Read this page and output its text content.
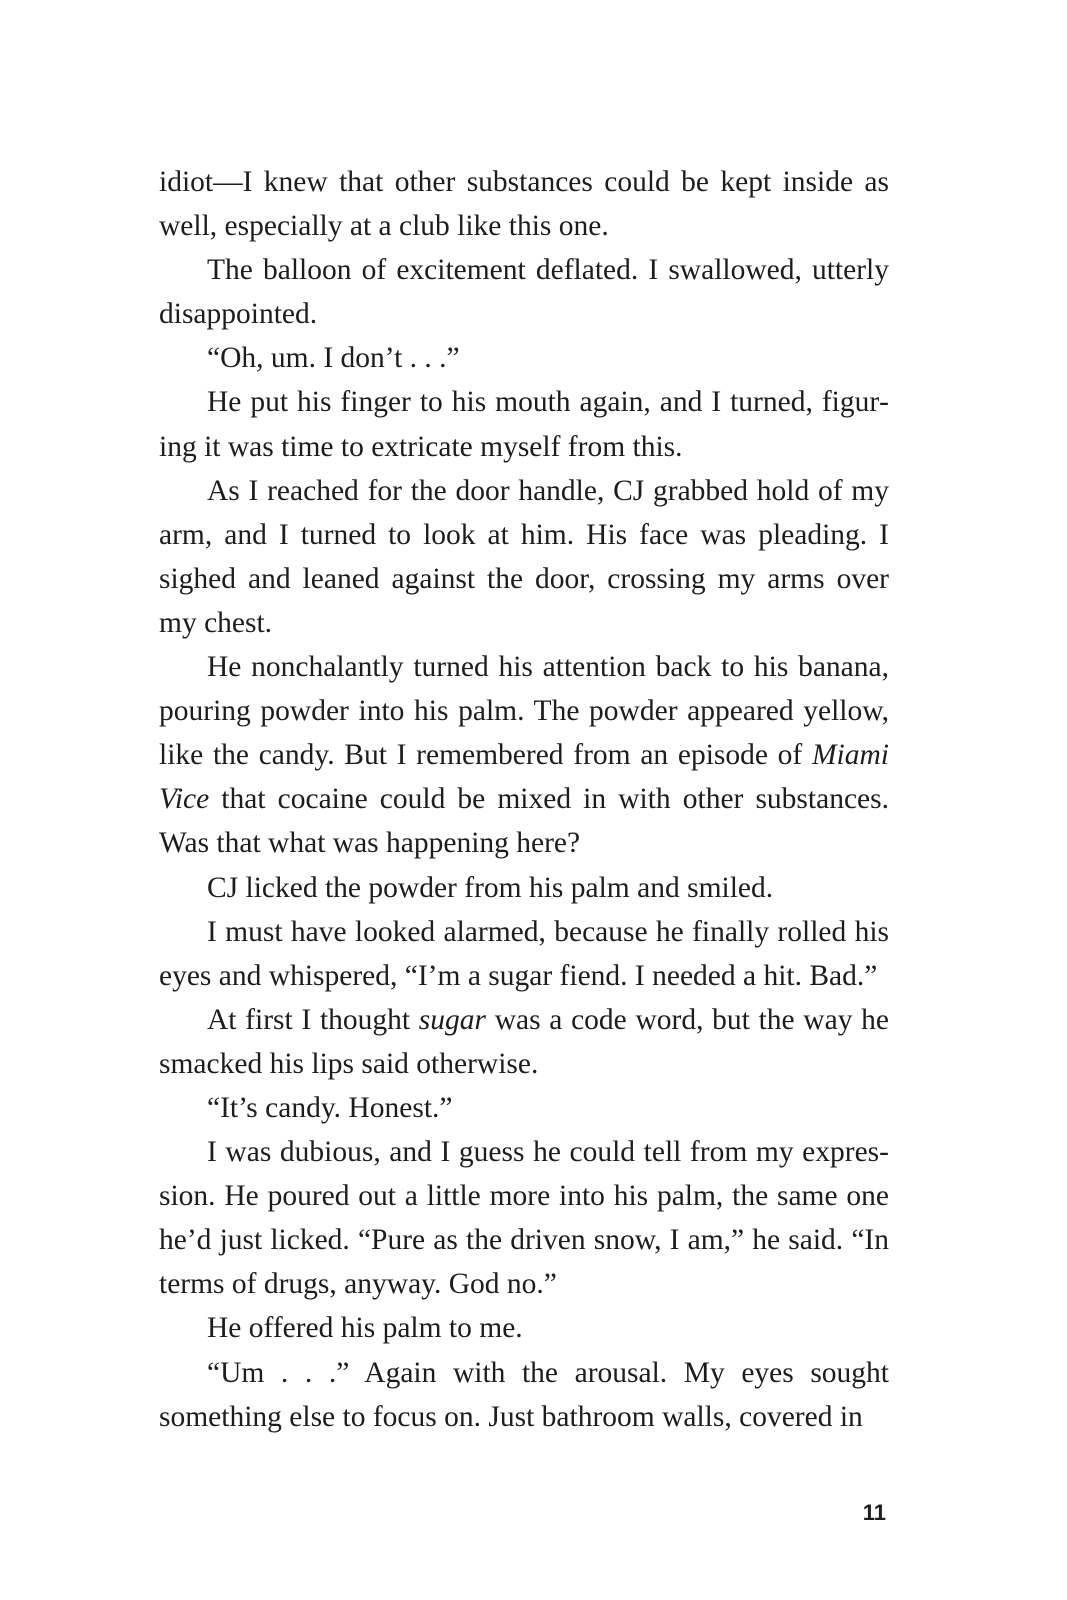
idiot—I knew that other substances could be kept inside as well, especially at a club like this one.

The balloon of excitement deflated. I swallowed, utterly disappointed.

“Oh, um. I don’t . . .”

He put his finger to his mouth again, and I turned, figuring it was time to extricate myself from this.

As I reached for the door handle, CJ grabbed hold of my arm, and I turned to look at him. His face was pleading. I sighed and leaned against the door, crossing my arms over my chest.

He nonchalantly turned his attention back to his banana, pouring powder into his palm. The powder appeared yellow, like the candy. But I remembered from an episode of Miami Vice that cocaine could be mixed in with other substances. Was that what was happening here?

CJ licked the powder from his palm and smiled.

I must have looked alarmed, because he finally rolled his eyes and whispered, “I’m a sugar fiend. I needed a hit. Bad.”

At first I thought sugar was a code word, but the way he smacked his lips said otherwise.

“It’s candy. Honest.”

I was dubious, and I guess he could tell from my expression. He poured out a little more into his palm, the same one he’d just licked. “Pure as the driven snow, I am,” he said. “In terms of drugs, anyway. God no.”

He offered his palm to me.

“Um . . .” Again with the arousal. My eyes sought something else to focus on. Just bathroom walls, covered in

11
